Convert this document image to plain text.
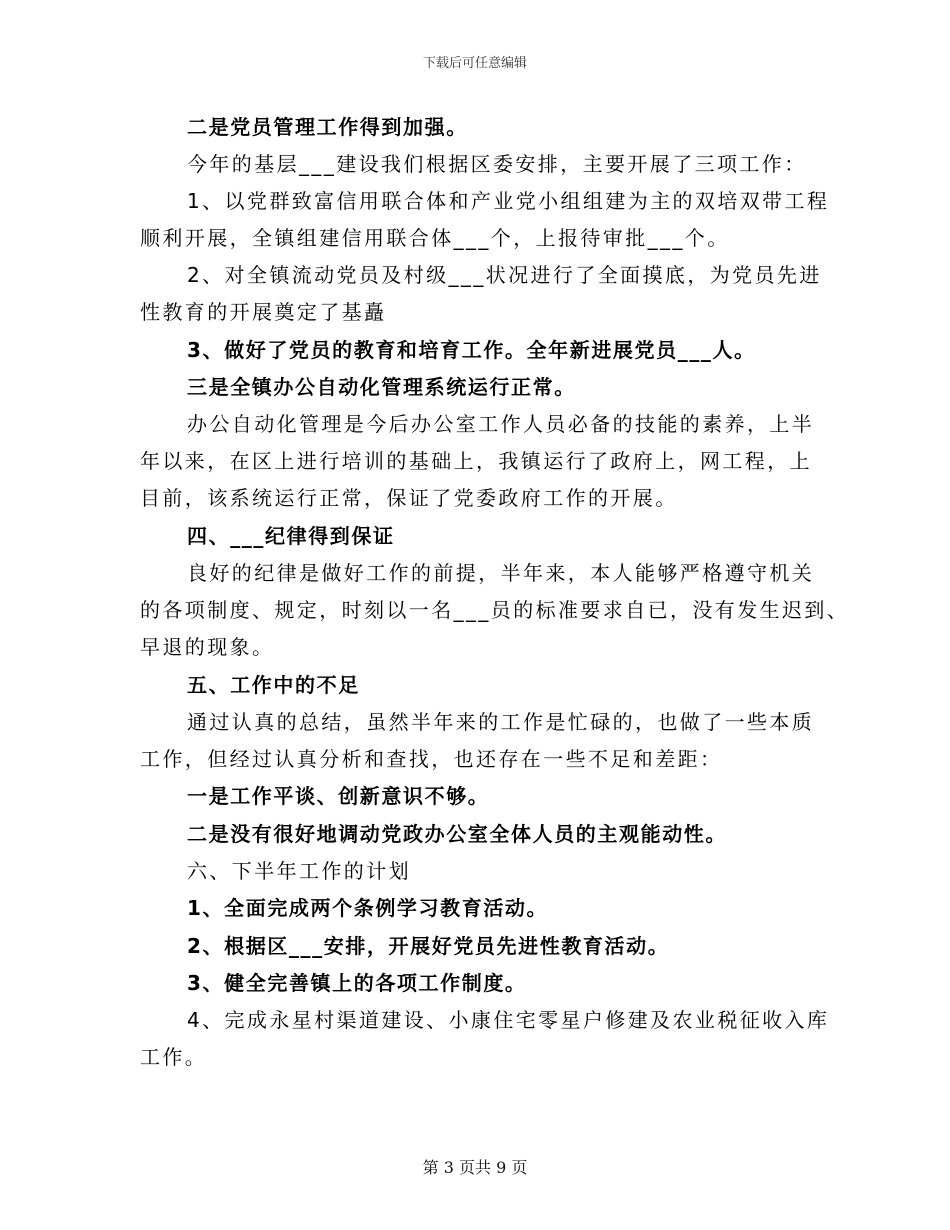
下载后可任意编辑
二是党员管理工作得到加强。
今年的基层___建设我们根据区委安排，主要开展了三项工作：
1、以党群致富信用联合体和产业党小组组建为主的双培双带工程
顺利开展，全镇组建信用联合体___个，上报待审批___个。
2、对全镇流动党员及村级___状况进行了全面摸底，为党员先进
性教育的开展奠定了基矗
3、做好了党员的教育和培育工作。全年新进展党员___人。
三是全镇办公自动化管理系统运行正常。
办公自动化管理是今后办公室工作人员必备的技能的素养，上半
年以来，在区上进行培训的基础上，我镇运行了政府上，网工程，上
目前，该系统运行正常，保证了党委政府工作的开展。
四、___纪律得到保证
良好的纪律是做好工作的前提，半年来，本人能够严格遵守机关
的各项制度、规定，时刻以一名___员的标准要求自已，没有发生迟到、
早退的现象。
五、工作中的不足
通过认真的总结，虽然半年来的工作是忙碌的，也做了一些本质
工作，但经过认真分析和查找，也还存在一些不足和差距：
一是工作平谈、创新意识不够。
二是没有很好地调动党政办公室全体人员的主观能动性。
六、下半年工作的计划
1、全面完成两个条例学习教育活动。
2、根据区___安排，开展好党员先进性教育活动。
3、健全完善镇上的各项工作制度。
4、完成永星村渠道建设、小康住宅零星户修建及农业税征收入库
工作。
第 3 页共 9 页
